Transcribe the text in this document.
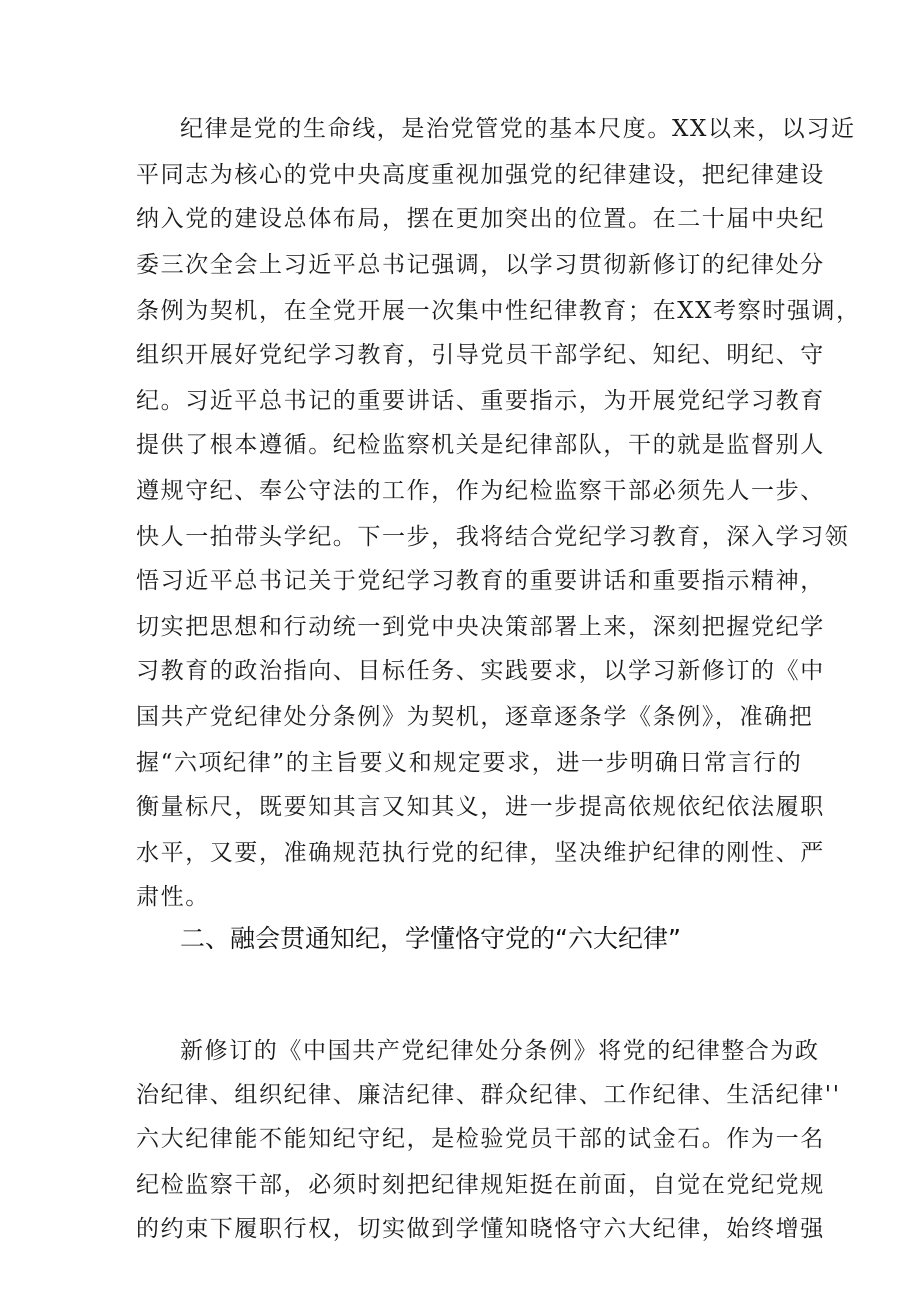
纪律是党的生命线，是治党管党的基本尺度。XX以来，以习近
平同志为核心的党中央高度重视加强党的纪律建设，把纪律建设
纳入党的建设总体布局，摆在更加突出的位置。在二十届中央纪
委三次全会上习近平总书记强调，以学习贯彻新修订的纪律处分
条例为契机，在全党开展一次集中性纪律教育；在XX考察时强调，
组织开展好党纪学习教育，引导党员干部学纪、知纪、明纪、守
纪。习近平总书记的重要讲话、重要指示，为开展党纪学习教育
提供了根本遵循。纪检监察机关是纪律部队，干的就是监督别人
遵规守纪、奉公守法的工作，作为纪检监察干部必须先人一步、
快人一拍带头学纪。下一步，我将结合党纪学习教育，深入学习领
悟习近平总书记关于党纪学习教育的重要讲话和重要指示精神，
切实把思想和行动统一到党中央决策部署上来，深刻把握党纪学
习教育的政治指向、目标任务、实践要求，以学习新修订的《中
国共产党纪律处分条例》为契机，逐章逐条学《条例》，准确把
握“六项纪律”的主旨要义和规定要求，进一步明确日常言行的
衡量标尺，既要知其言又知其义，进一步提高依规依纪依法履职
水平，又要，准确规范执行党的纪律，坚决维护纪律的刚性、严
肃性。
二、融会贯通知纪，学懂恪守党的“六大纪律”
新修订的《中国共产党纪律处分条例》将党的纪律整合为政
治纪律、组织纪律、廉洁纪律、群众纪律、工作纪律、生活纪律''
六大纪律能不能知纪守纪，是检验党员干部的试金石。作为一名
纪检监察干部，必须时刻把纪律规矩挺在前面，自觉在党纪党规
的约束下履职行权，切实做到学懂知晓恪守六大纪律，始终增强
